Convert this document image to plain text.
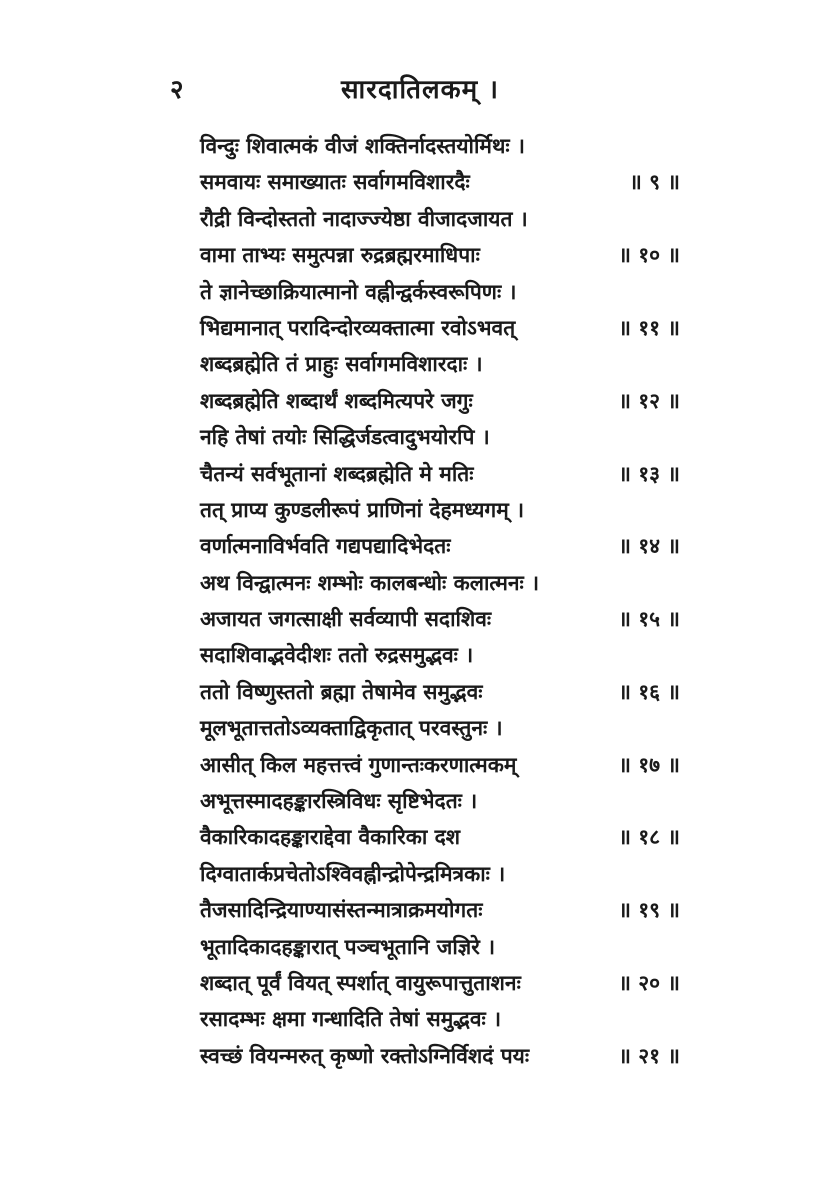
२	सारदातिलकम् ।
विन्दुः शिवात्मकं वीजं शक्तिर्नादस्तयोर्मिथः ।
समवायः समाख्यातः सर्वागमविशारदैः	॥ ९ ॥
रौद्री विन्दोस्ततो नादाज्ज्येष्ठा वीजादजायत ।
वामा ताभ्यः समुत्पन्ना रुद्रब्रह्मरमाधिपाः	॥ १० ॥
ते ज्ञानेच्छाक्रियात्मानो वह्नीन्द्वर्कस्वरूपिणः ।
भिद्यमानात् परादिन्दोरव्यक्तात्मा रवोऽभवत्	॥ ११ ॥
शब्दब्रह्मेति तं प्राहुः सर्वागमविशारदाः ।
शब्दब्रह्मेति शब्दार्थं शब्दमित्यपरे जगुः	॥ १२ ॥
नहि तेषां तयोः सिद्धिर्जडत्वादुभयोरपि ।
चैतन्यं सर्वभूतानां शब्दब्रह्मेति मे मतिः	॥ १३ ॥
तत् प्राप्य कुण्डलीरूपं प्राणिनां देहमध्यगम् ।
वर्णात्मनाविर्भवति गद्यपद्यादिभेदतः	॥ १४ ॥
अथ विन्द्वात्मनः शम्भोः कालबन्धोः कलात्मनः ।
अजायत जगत्साक्षी सर्वव्यापी सदाशिवः	॥ १५ ॥
सदाशिवाद्भवेदीशः ततो रुद्रसमुद्भवः ।
ततो विष्णुस्ततो ब्रह्मा तेषामेव समुद्भवः	॥ १६ ॥
मूलभूतात्ततोऽव्यक्ताद्विकृतात् परवस्तुनः ।
आसीत् किल महत्तत्त्वं गुणान्तःकरणात्मकम्	॥ १७ ॥
अभूत्तस्मादहङ्कारस्त्रिविधः सृष्टिभेदतः ।
वैकारिकादहङ्काराद्देवा वैकारिका दश	॥ १८ ॥
दिग्वातार्कप्रचेतोऽश्विवह्नीन्द्रोपेन्द्रमित्रकाः ।
तैजसादिन्द्रियाण्यासंस्तन्मात्राक्रमयोगतः	॥ १९ ॥
भूतादिकादहङ्कारात् पञ्चभूतानि जज्ञिरे ।
शब्दात् पूर्वं वियत् स्पर्शात् वायुरूपात्तुताशनः	॥ २० ॥
रसादम्भः क्षमा गन्धादिति तेषां समुद्भवः ।
स्वच्छं वियन्मरुत् कृष्णो रक्तोऽग्निर्विशदं पयः	॥ २१ ॥
